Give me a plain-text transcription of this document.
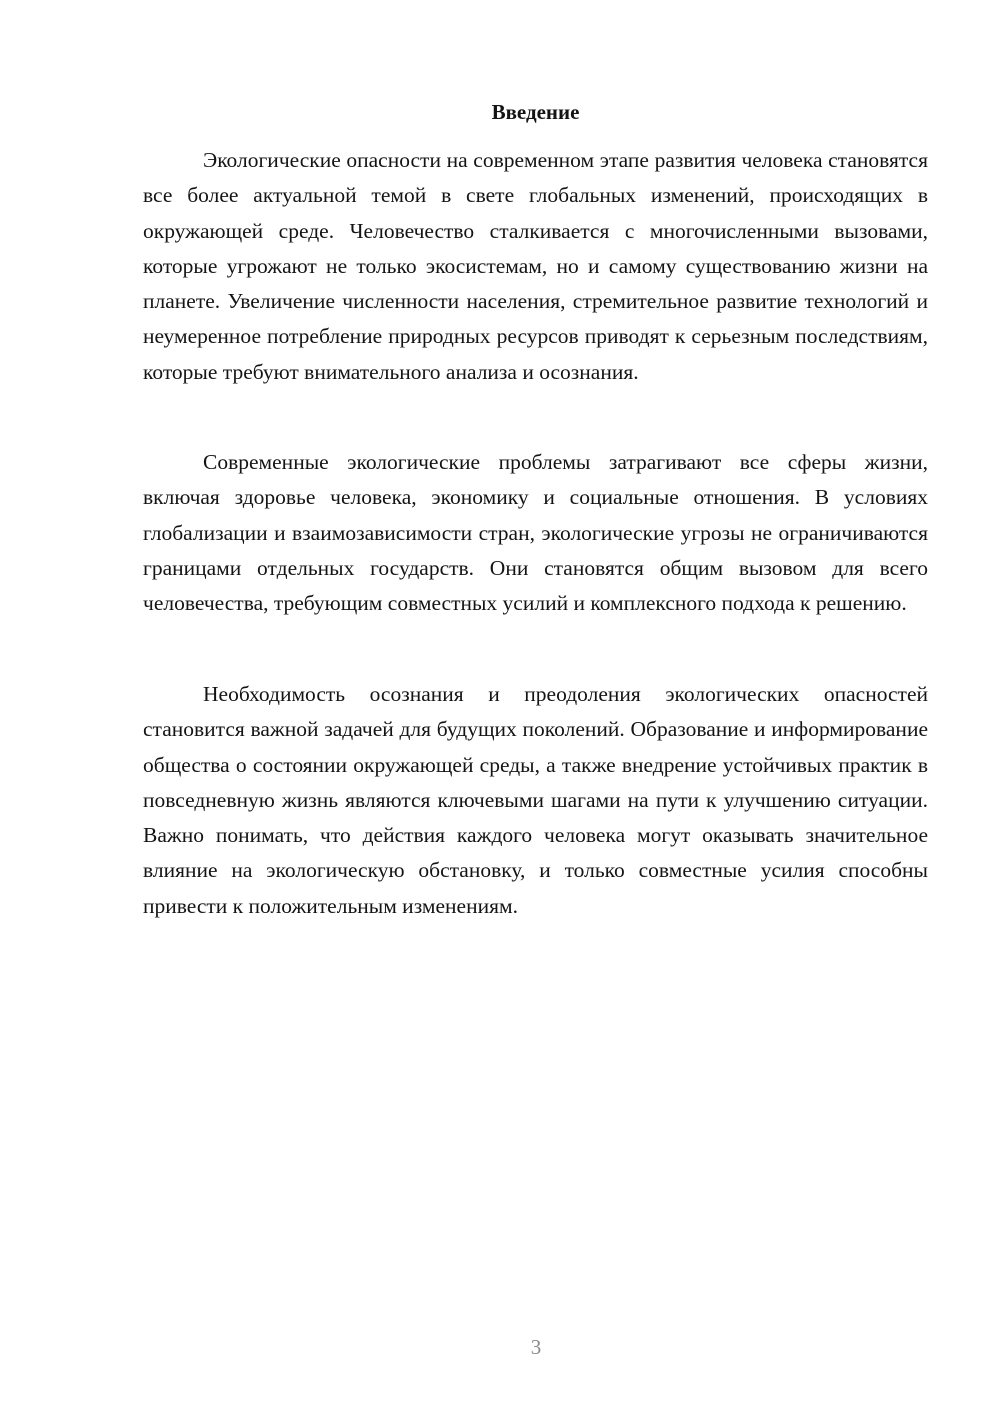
Введение

Экологические опасности на современном этапе развития человека становятся все более актуальной темой в свете глобальных изменений, происходящих в окружающей среде. Человечество сталкивается с многочисленными вызовами, которые угрожают не только экосистемам, но и самому существованию жизни на планете. Увеличение численности населения, стремительное развитие технологий и неумеренное потребление природных ресурсов приводят к серьезным последствиям, которые требуют внимательного анализа и осознания.

Современные экологические проблемы затрагивают все сферы жизни, включая здоровье человека, экономику и социальные отношения. В условиях глобализации и взаимозависимости стран, экологические угрозы не ограничиваются границами отдельных государств. Они становятся общим вызовом для всего человечества, требующим совместных усилий и комплексного подхода к решению.

Необходимость осознания и преодоления экологических опасностей становится важной задачей для будущих поколений. Образование и информирование общества о состоянии окружающей среды, а также внедрение устойчивых практик в повседневную жизнь являются ключевыми шагами на пути к улучшению ситуации. Важно понимать, что действия каждого человека могут оказывать значительное влияние на экологическую обстановку, и только совместные усилия способны привести к положительным изменениям.

3
